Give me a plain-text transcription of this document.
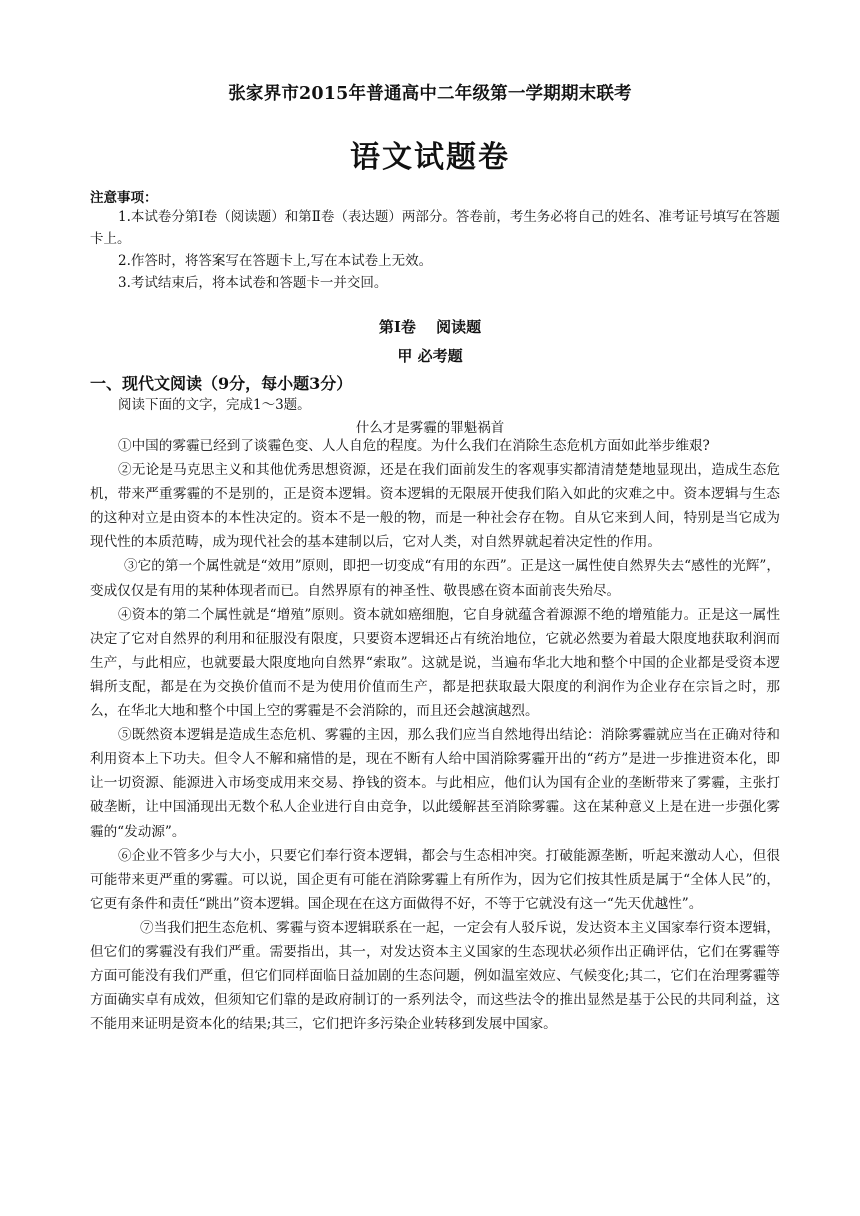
张家界市2015年普通高中二年级第一学期期末联考
语文试题卷
注意事项：

1.本试卷分第Ⅰ卷（阅读题）和第Ⅱ卷（表达题）两部分。答卷前，考生务必将自己的姓名、准考证号填写在答题卡上。

2.作答时，将答案写在答题卡上,写在本试卷上无效。

3.考试结束后，将本试卷和答题卡一并交回。

第Ⅰ卷　 阅读题
甲 必考题
一、现代文阅读（9分，每小题3分）
阅读下面的文字，完成1～3题。
什么才是雾霾的罪魁祸首

①中国的雾霾已经到了谈霾色变、人人自危的程度。为什么我们在消除生态危机方面如此举步维艰?

②无论是马克思主义和其他优秀思想资源，还是在我们面前发生的客观事实都清清楚楚地显现出，造成生态危机，带来严重雾霾的不是别的，正是资本逻辑。资本逻辑的无限展开使我们陷入如此的灾难之中。资本逻辑与生态的这种对立是由资本的本性决定的。资本不是一般的物，而是一种社会存在物。自从它来到人间，特别是当它成为现代性的本质范畴，成为现代社会的基本建制以后，它对人类，对自然界就起着决定性的作用。

③它的第一个属性就是“效用”原则，即把一切变成“有用的东西”。正是这一属性使自然界失去“感性的光辉”，变成仅仅是有用的某种体现者而已。自然界原有的神圣性、敬畏感在资本面前丧失殆尽。

④资本的第二个属性就是“增殖”原则。资本就如癌细胞，它自身就蕴含着源源不绝的增殖能力。正是这一属性决定了它对自然界的利用和征服没有限度，只要资本逻辑还占有统治地位，它就必然要为着最大限度地获取利润而生产，与此相应，也就要最大限度地向自然界“索取”。这就是说，当遍布华北大地和整个中国的企业都是受资本逻辑所支配，都是在为交换价值而不是为使用价值而生产，都是把获取最大限度的利润作为企业存在宗旨之时，那么，在华北大地和整个中国上空的雾霾是不会消除的，而且还会越演越烈。

⑤既然资本逻辑是造成生态危机、雾霾的主因，那么我们应当自然地得出结论：消除雾霾就应当在正确对待和利用资本上下功夫。但令人不解和痛惜的是，现在不断有人给中国消除雾霾开出的“药方”是进一步推进资本化，即让一切资源、能源进入市场变成用来交易、挣钱的资本。与此相应，他们认为国有企业的垄断带来了雾霾，主张打破垄断，让中国涌现出无数个私人企业进行自由竞争，以此缓解甚至消除雾霾。这在某种意义上是在进一步强化雾霾的“发动源”。

⑥企业不管多少与大小，只要它们奉行资本逻辑，都会与生态相冲突。打破能源垄断，听起来激动人心，但很可能带来更严重的雾霾。可以说，国企更有可能在消除雾霾上有所作为，因为它们按其性质是属于“全体人民”的，它更有条件和责任“跳出”资本逻辑。国企现在在这方面做得不好，不等于它就没有这一“先天优越性”。

⑦当我们把生态危机、雾霾与资本逻辑联系在一起，一定会有人驳斥说，发达资本主义国家奉行资本逻辑，但它们的雾霾没有我们严重。需要指出，其一，对发达资本主义国家的生态现状必须作出正确评估，它们在雾霾等方面可能没有我们严重，但它们同样面临日益加剧的生态问题，例如温室效应、气候变化;其二，它们在治理雾霾等方面确实卓有成效，但须知它们靠的是政府制订的一系列法令，而这些法令的推出显然是基于公民的共同利益，这不能用来证明是资本化的结果;其三，它们把许多污染企业转移到发展中国家。
